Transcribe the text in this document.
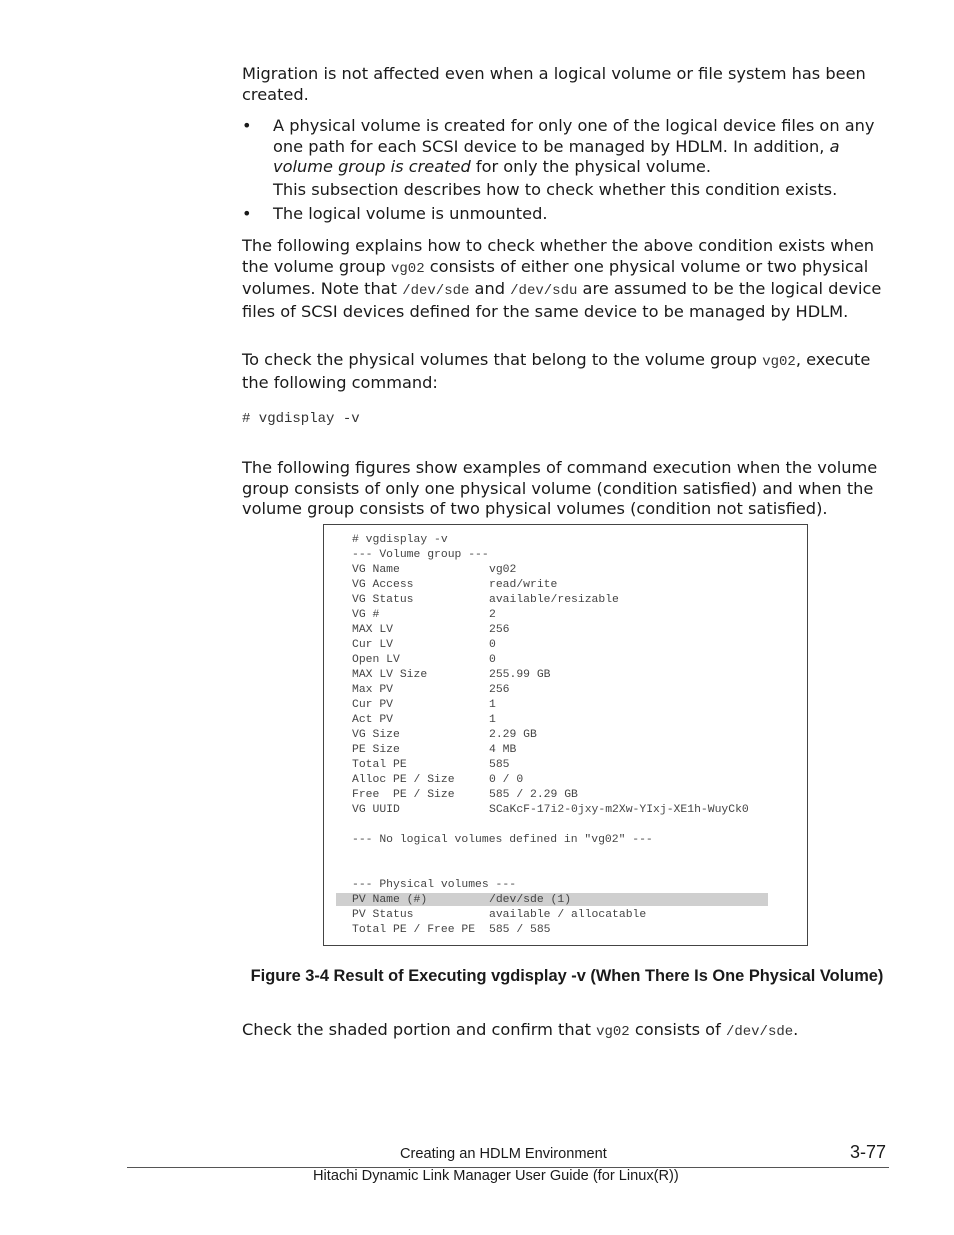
Migration is not affected even when a logical volume or file system has been created.

•	A physical volume is created for only one of the logical device files on any one path for each SCSI device to be managed by HDLM. In addition, a volume group is created for only the physical volume.
This subsection describes how to check whether this condition exists.
•	The logical volume is unmounted.

The following explains how to check whether the above condition exists when the volume group vg02 consists of either one physical volume or two physical volumes. Note that /dev/sde and /dev/sdu are assumed to be the logical device files of SCSI devices defined for the same device to be managed by HDLM.

To check the physical volumes that belong to the volume group vg02, execute the following command:

# vgdisplay -v

The following figures show examples of command execution when the volume group consists of only one physical volume (condition satisfied) and when the volume group consists of two physical volumes (condition not satisfied).

# vgdisplay -v
--- Volume group ---
VG Name	vg02
VG Access	read/write
VG Status	available/resizable
VG #	2
MAX LV	256
Cur LV	0
Open LV	0
MAX LV Size	255.99 GB
Max PV	256
Cur PV	1
Act PV	1
VG Size	2.29 GB
PE Size	4 MB
Total PE	585
Alloc PE / Size	0 / 0
Free  PE / Size	585 / 2.29 GB
VG UUID	SCaKcF-17i2-0jxy-m2Xw-YIxj-XE1h-WuyCk0
--- No logical volumes defined in "vg02" ---
--- Physical volumes ---
PV Name (#)	/dev/sde (1)
PV Status	available / allocatable
Total PE / Free PE 585 / 585
Figure 3-4 Result of Executing vgdisplay -v (When There Is One Physical Volume)

Check the shaded portion and confirm that vg02 consists of /dev/sde.

Creating an HDLM Environment	3-77
Hitachi Dynamic Link Manager User Guide (for Linux(R))
